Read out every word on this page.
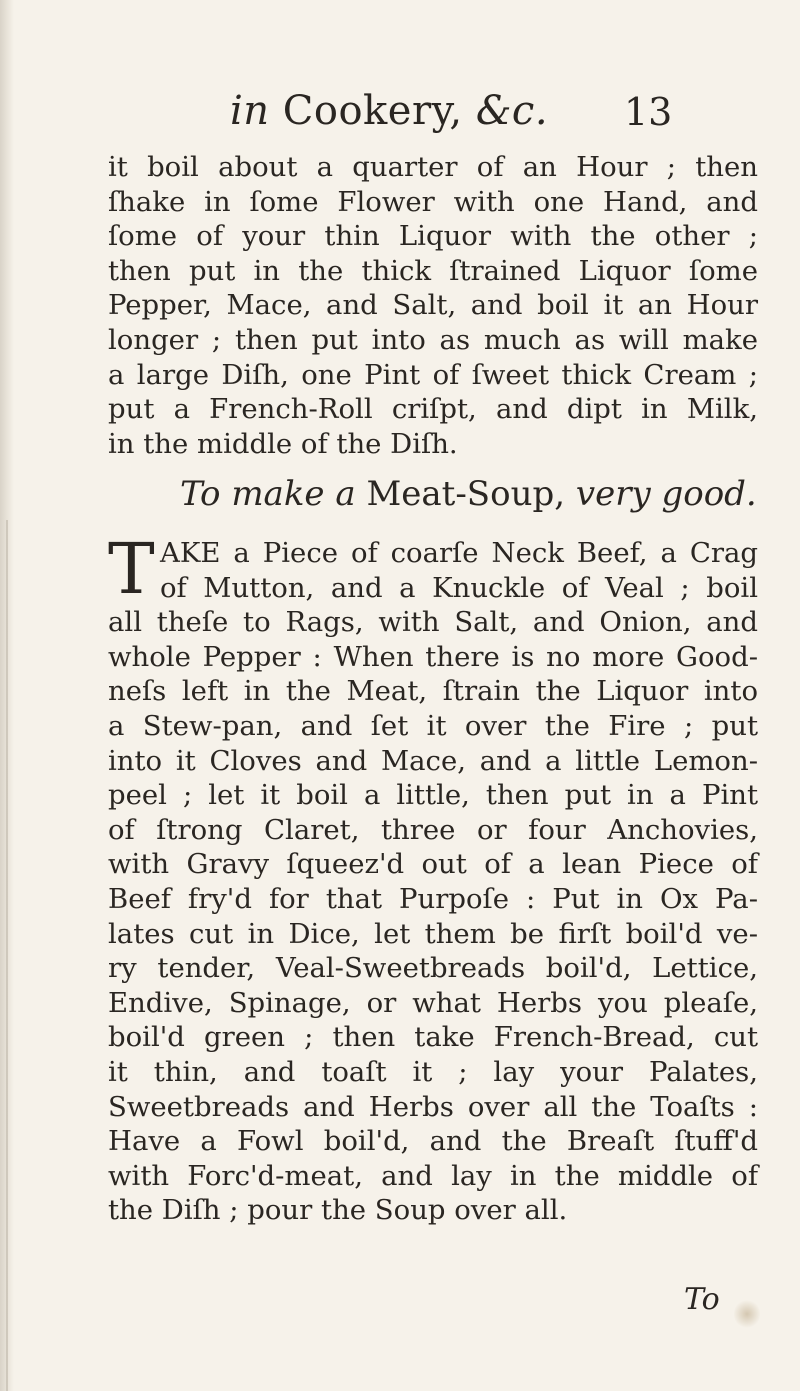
in Cookery, &c. 13
it boil about a quarter of an Hour ; then
ſhake in ſome Flower with one Hand, and
ſome of your thin Liquor with the other ;
then put in the thick ſtrained Liquor ſome
Pepper, Mace, and Salt, and boil it an Hour
longer ; then put into as much as will make
a large Diſh, one Pint of ſweet thick Cream ;
put a French-Roll criſpt, and dipt in Milk,
in the middle of the Diſh.
To make a Meat-Soup, very good.
T AKE a Piece of coarſe Neck Beef, a Crag
of Mutton, and a Knuckle of Veal ; boil
all theſe to Rags, with Salt, and Onion, and
whole Pepper : When there is no more Good-
neſs left in the Meat, ſtrain the Liquor into
a Stew-pan, and ſet it over the Fire ; put
into it Cloves and Mace, and a little Lemon-
peel ; let it boil a little, then put in a Pint
of ſtrong Claret, three or four Anchovies,
with Gravy ſqueez'd out of a lean Piece of
Beef fry'd for that Purpoſe : Put in Ox Pa-
lates cut in Dice, let them be firſt boil'd ve-
ry tender, Veal-Sweetbreads boil'd, Lettice,
Endive, Spinage, or what Herbs you pleaſe,
boil'd green ; then take French-Bread, cut
it thin, and toaſt it ; lay your Palates,
Sweetbreads and Herbs over all the Toaſts :
Have a Fowl boil'd, and the Breaſt ſtuff'd
with Forc'd-meat, and lay in the middle of
the Diſh ; pour the Soup over all.
To
